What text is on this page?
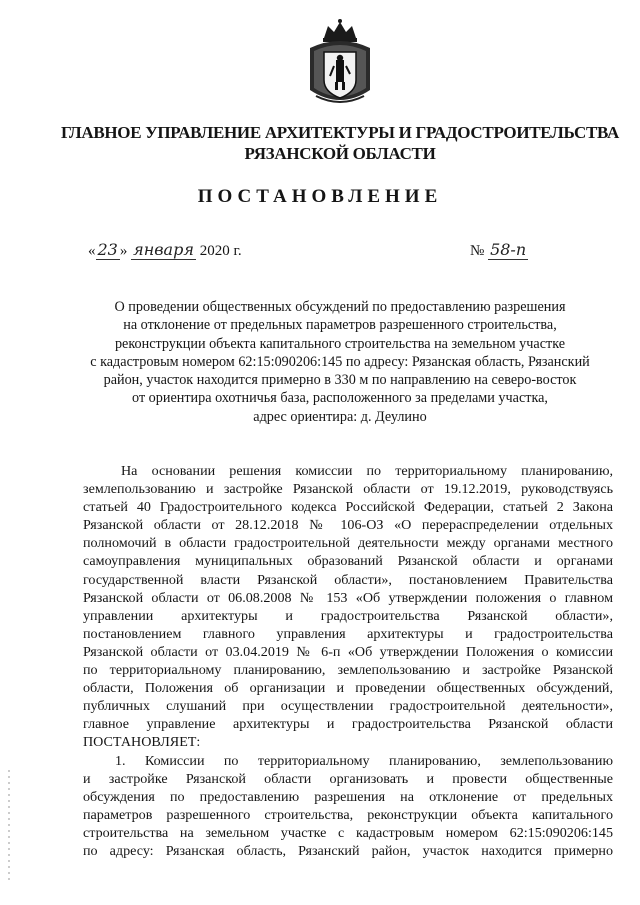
ГЛАВНОЕ УПРАВЛЕНИЕ АРХИТЕКТУРЫ И ГРАДОСТРОИТЕЛЬСТВА
РЯЗАНСКОЙ ОБЛАСТИ
ПОСТАНОВЛЕНИЕ
« 23 » января 2020 г.	№ 58-п
О проведении общественных обсуждений по предоставлению разрешения
на отклонение от предельных параметров разрешенного строительства,
реконструкции объекта капитального строительства на земельном участке
с кадастровым номером 62:15:090206:145 по адресу: Рязанская область, Рязанский
район, участок находится примерно в 330 м по направлению на северо-восток
от ориентира охотничья база, расположенного за пределами участка,
адрес ориентира: д. Деулино
На основании решения комиссии по территориальному планированию,
землепользованию и застройке Рязанской области от 19.12.2019, руководствуясь
статьей 40 Градостроительного кодекса Российской Федерации, статьей 2 Закона
Рязанской области от 28.12.2018 № 106-ОЗ «О перераспределении отдельных
полномочий в области градостроительной деятельности между органами местного
самоуправления муниципальных образований Рязанской области и органами
государственной власти Рязанской области», постановлением Правительства
Рязанской области от 06.08.2008 № 153 «Об утверждении положения о главном
управлении архитектуры и градостроительства Рязанской области»,
постановлением главного управления архитектуры и градостроительства
Рязанской области от 03.04.2019 № 6-п «Об утверждении Положения о комиссии
по территориальному планированию, землепользованию и застройке Рязанской
области, Положения об организации и проведении общественных обсуждений,
публичных слушаний при осуществлении градостроительной деятельности»,
главное управление архитектуры и градостроительства Рязанской области
ПОСТАНОВЛЯЕТ:
1. Комиссии по территориальному планированию, землепользованию
и застройке Рязанской области организовать и провести общественные
обсуждения по предоставлению разрешения на отклонение от предельных
параметров разрешенного строительства, реконструкции объекта капитального
строительства на земельном участке с кадастровым номером 62:15:090206:145
по адресу: Рязанская область, Рязанский район, участок находится примерно
